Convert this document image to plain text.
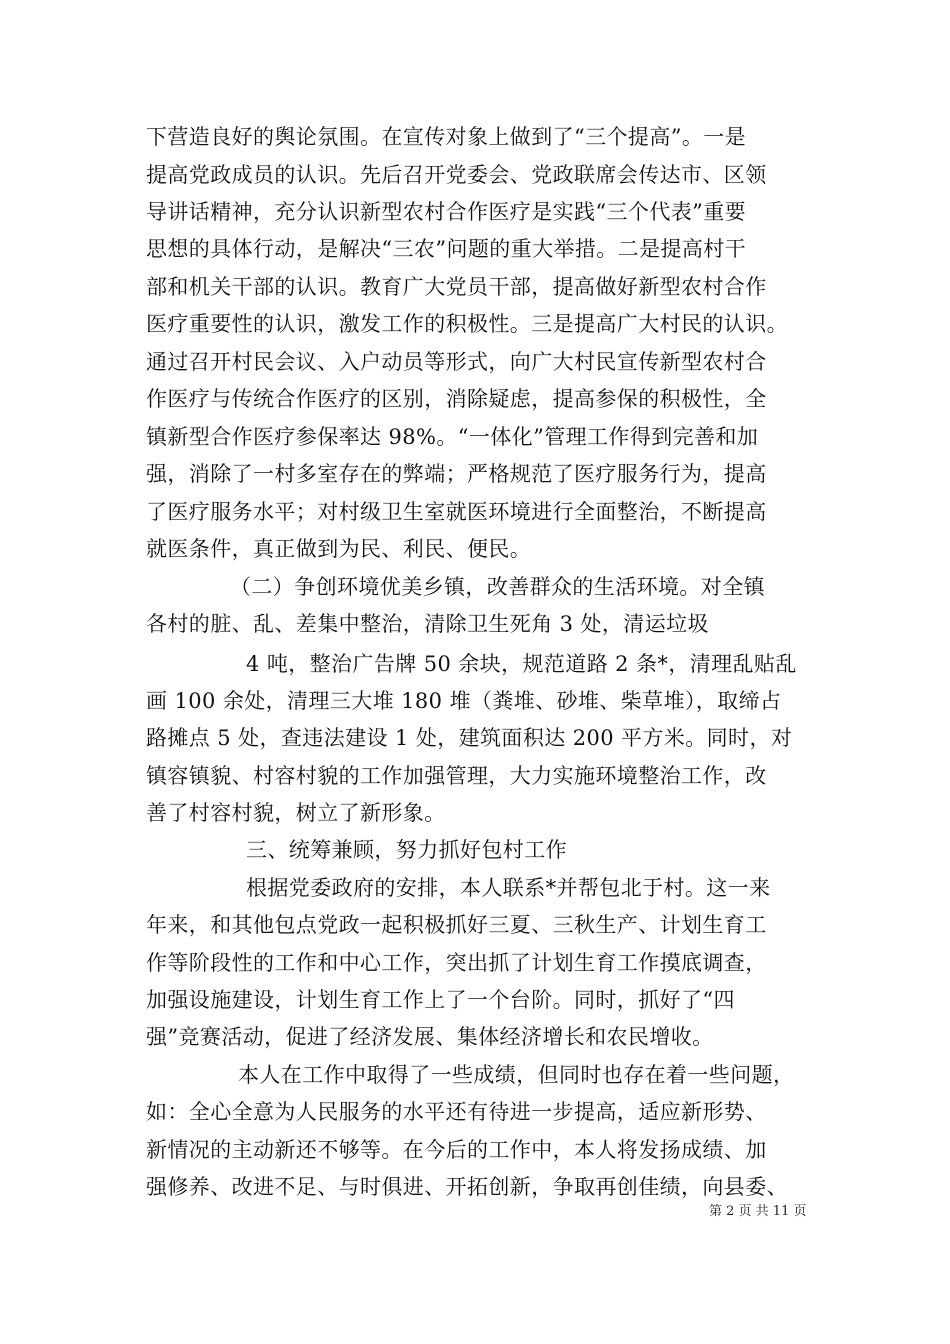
下营造良好的舆论氛围。在宣传对象上做到了“三个提高”。一是
提高党政成员的认识。先后召开党委会、党政联席会传达市、区领
导讲话精神，充分认识新型农村合作医疗是实践“三个代表”重要
思想的具体行动，是解决“三农”问题的重大举措。二是提高村干
部和机关干部的认识。教育广大党员干部，提高做好新型农村合作
医疗重要性的认识，激发工作的积极性。三是提高广大村民的认识。
通过召开村民会议、入户动员等形式，向广大村民宣传新型农村合
作医疗与传统合作医疗的区别，消除疑虑，提高参保的积极性，全
镇新型合作医疗参保率达 98%。“一体化”管理工作得到完善和加
强，消除了一村多室存在的弊端；严格规范了医疗服务行为，提高
了医疗服务水平；对村级卫生室就医环境进行全面整治，不断提高
就医条件，真正做到为民、利民、便民。
（二）争创环境优美乡镇，改善群众的生活环境。对全镇
各村的脏、乱、差集中整治，清除卫生死角 3 处，清运垃圾
4 吨，整治广告牌 50 余块，规范道路 2 条*，清理乱贴乱
画 100 余处，清理三大堆 180 堆（粪堆、砂堆、柴草堆），取缔占
路摊点 5 处，查违法建设 1 处，建筑面积达 200 平方米。同时，对
镇容镇貌、村容村貌的工作加强管理，大力实施环境整治工作，改
善了村容村貌，树立了新形象。
三、统筹兼顾，努力抓好包村工作
根据党委政府的安排，本人联系*并帮包北于村。这一来
年来，和其他包点党政一起积极抓好三夏、三秋生产、计划生育工
作等阶段性的工作和中心工作，突出抓了计划生育工作摸底调查，
加强设施建设，计划生育工作上了一个台阶。同时，抓好了“四
强”竞赛活动，促进了经济发展、集体经济增长和农民增收。
本人在工作中取得了一些成绩，但同时也存在着一些问题，
如：全心全意为人民服务的水平还有待进一步提高，适应新形势、
新情况的主动新还不够等。在今后的工作中，本人将发扬成绩、加
强修养、改进不足、与时俱进、开拓创新，争取再创佳绩，向县委、
第 2 页 共 11 页
